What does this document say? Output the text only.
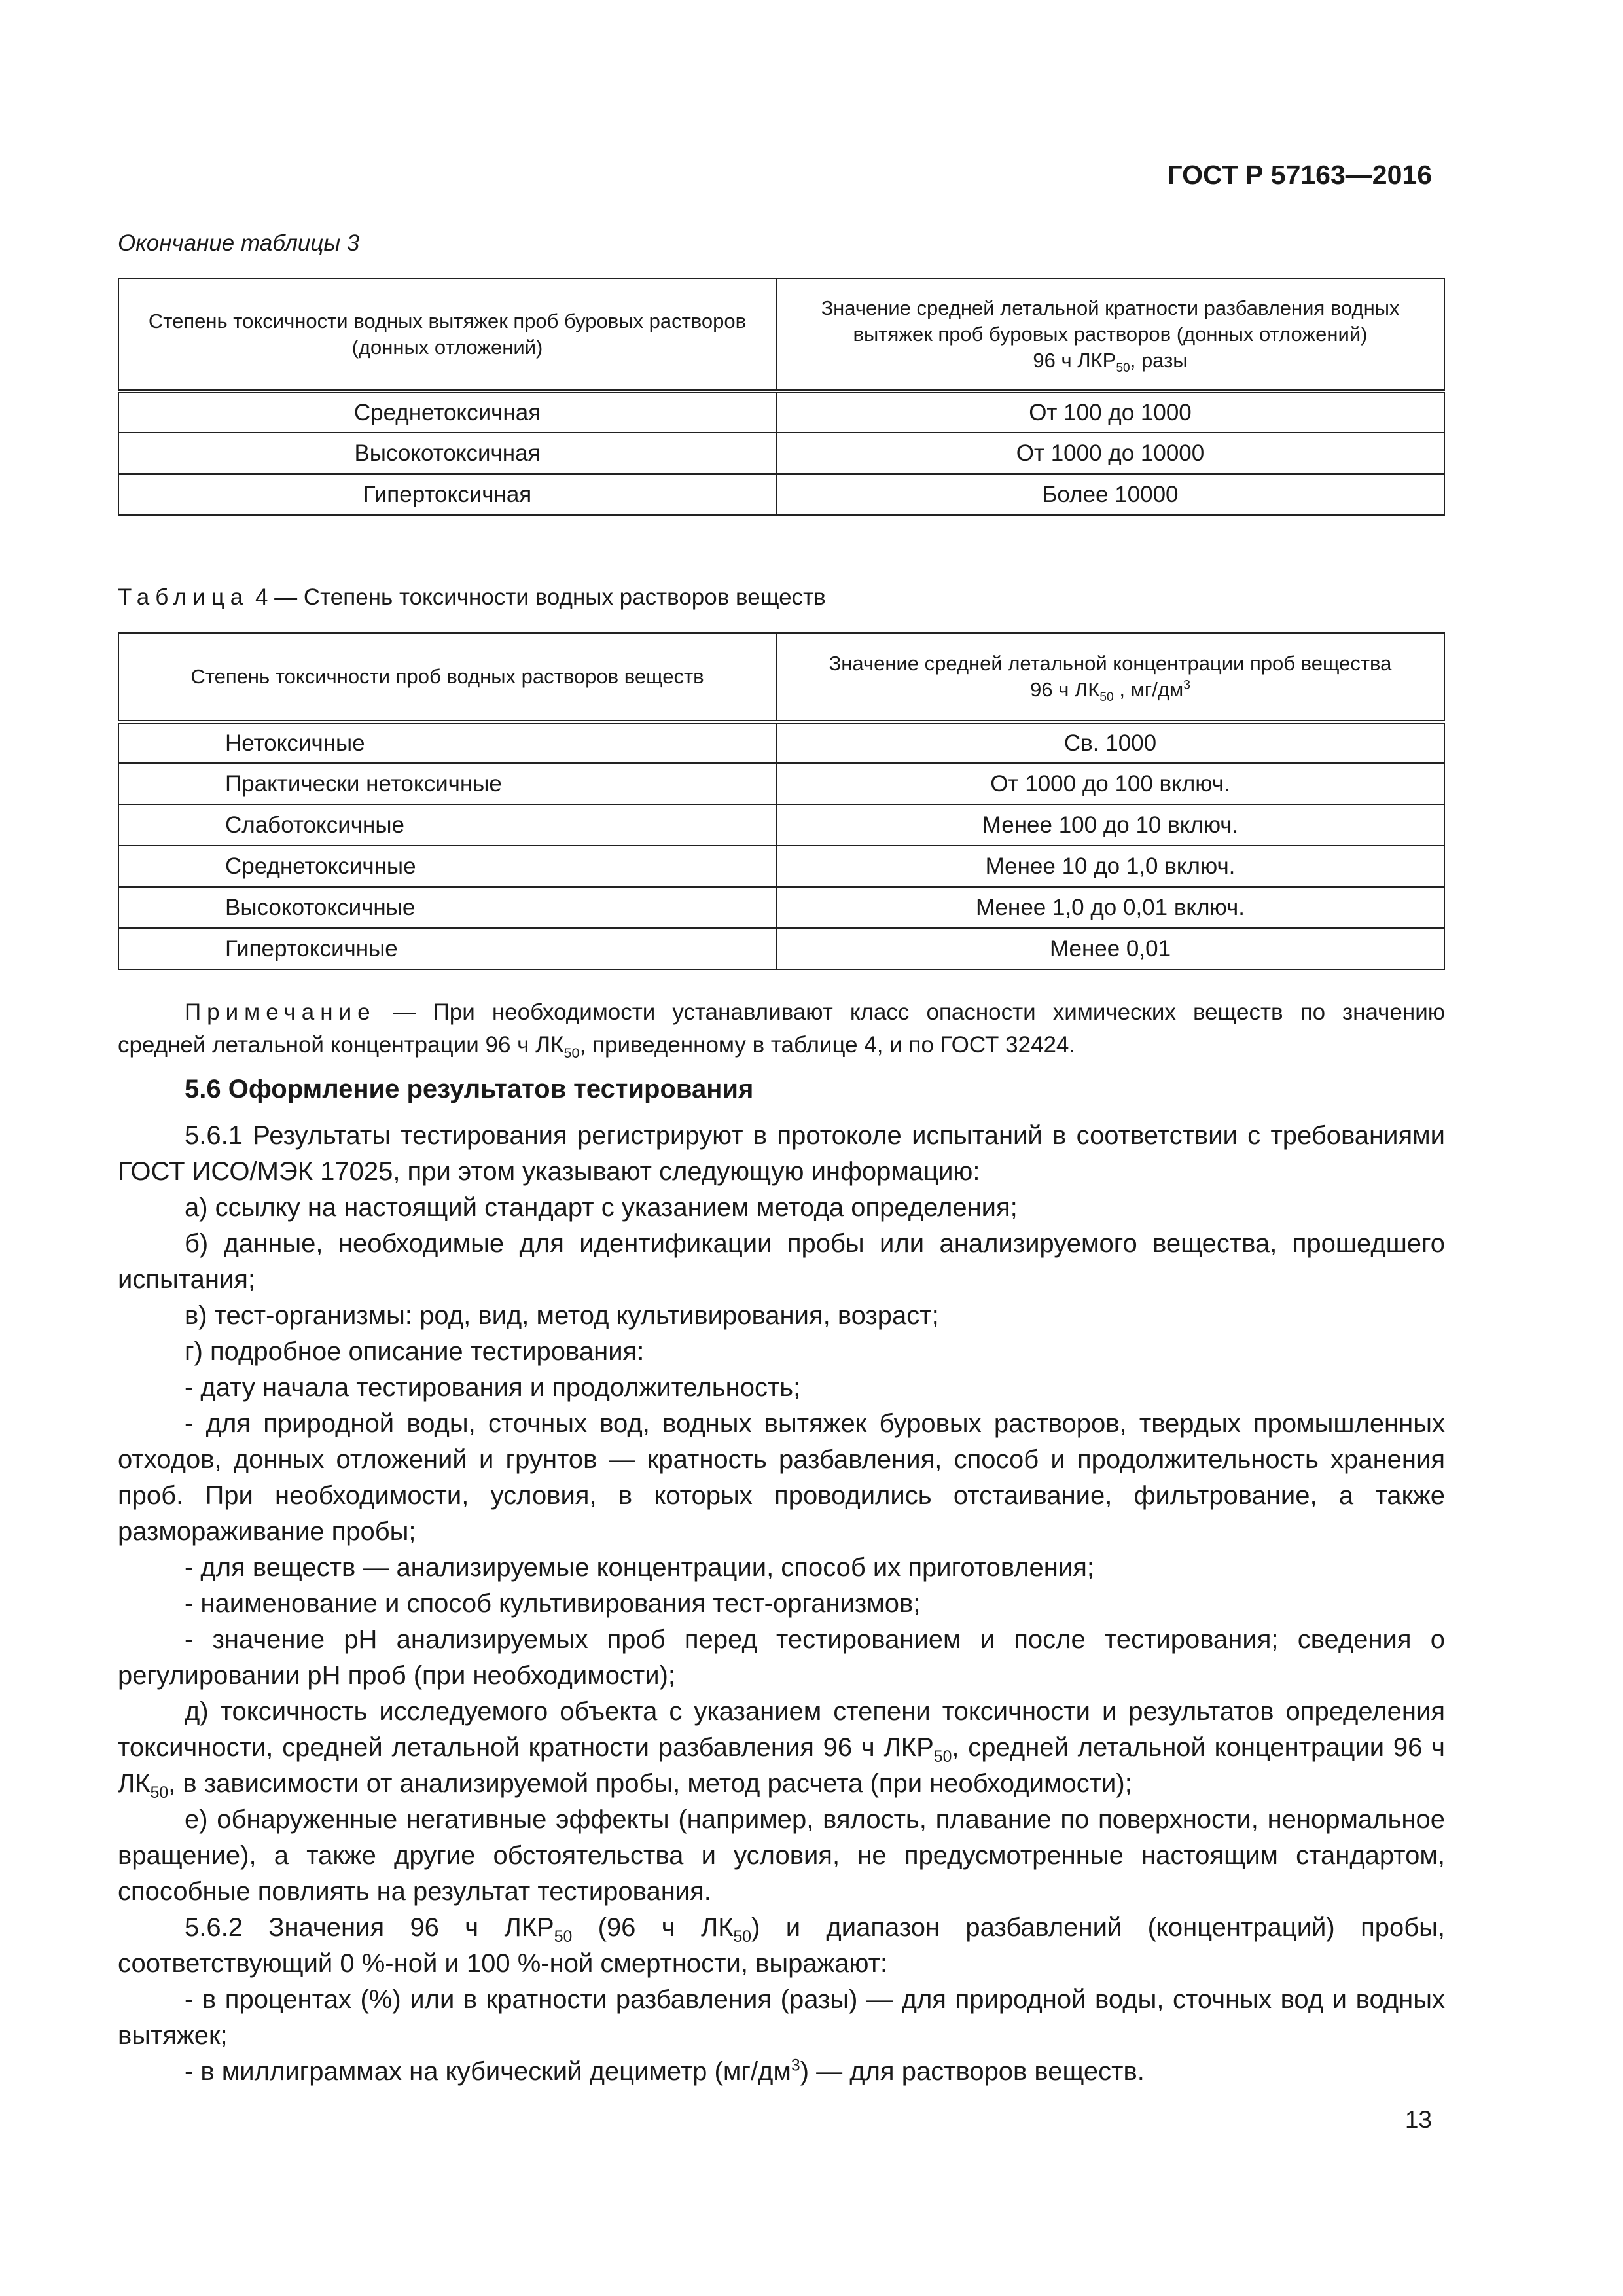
ГОСТ Р 57163—2016
Окончание таблицы 3
Степень токсичности водных вытяжек проб буровых растворов (донных отложений)	Значение средней летальной кратности разбавления водных вытяжек проб буровых растворов (донных отложений)
96 ч $ЛКР_{50}$, разы
Среднетоксичная	От 100 до 1000
Высокотоксичная	От 1000 до 10000
Гипертоксичная	Более 10000
Таблица 4 — Степень токсичности водных растворов веществ
Степень токсичности проб водных растворов веществ	Значение средней летальной концентрации проб вещества
96 ч $ЛК_{50}$ , $мг/дм^3$
Нетоксичные	Св. 1000
Практически нетоксичные	От 1000 до 100 включ.
Слаботоксичные	Менее 100 до 10 включ.
Среднетоксичные	Менее 10 до 1,0 включ.
Высокотоксичные	Менее 1,0 до 0,01 включ.
Гипертоксичные	Менее 0,01
Примечание — При необходимости устанавливают класс опасности химических веществ по значению
средней летальной концентрации 96 ч $ЛК_{50}$, приведенному в таблице 4, и по ГОСТ 32424.
5.6 Оформление результатов тестирования

5.6.1 Результаты тестирования регистрируют в протоколе испытаний в соответствии с требованиями ГОСТ ИСО/МЭК 17025, при этом указывают следующую информацию:

а) ссылку на настоящий стандарт с указанием метода определения;

б) данные, необходимые для идентификации пробы или анализируемого вещества, прошедшего испытания;

в) тест-организмы: род, вид, метод культивирования, возраст;

г) подробное описание тестирования:

- дату начала тестирования и продолжительность;

- для природной воды, сточных вод, водных вытяжек буровых растворов, твердых промышленных отходов, донных отложений и грунтов — кратность разбавления, способ и продолжительность хранения проб. При необходимости, условия, в которых проводились отстаивание, фильтрование, а также размораживание пробы;

- для веществ — анализируемые концентрации, способ их приготовления;

- наименование и способ культивирования тест-организмов;

- значение pH анализируемых проб перед тестированием и после тестирования; сведения о регулировании pH проб (при необходимости);

д) токсичность исследуемого объекта с указанием степени токсичности и результатов определения токсичности, средней летальной кратности разбавления 96 ч $ЛКР_{50}$, средней летальной концентрации 96 ч $ЛК_{50}$, в зависимости от анализируемой пробы, метод расчета (при необходимости);

е) обнаруженные негативные эффекты (например, вялость, плавание по поверхности, ненормальное вращение), а также другие обстоятельства и условия, не предусмотренные настоящим стандартом, способные повлиять на результат тестирования.

5.6.2 Значения 96 ч $ЛКР_{50}$ (96 ч $ЛК_{50}$) и диапазон разбавлений (концентраций) пробы, соответствующий 0 %-ной и 100 %-ной смертности, выражают:

- в процентах (%) или в кратности разбавления (разы) — для природной воды, сточных вод и водных вытяжек;

- в миллиграммах на кубический дециметр $(мг/дм^3)$ — для растворов веществ.

13
